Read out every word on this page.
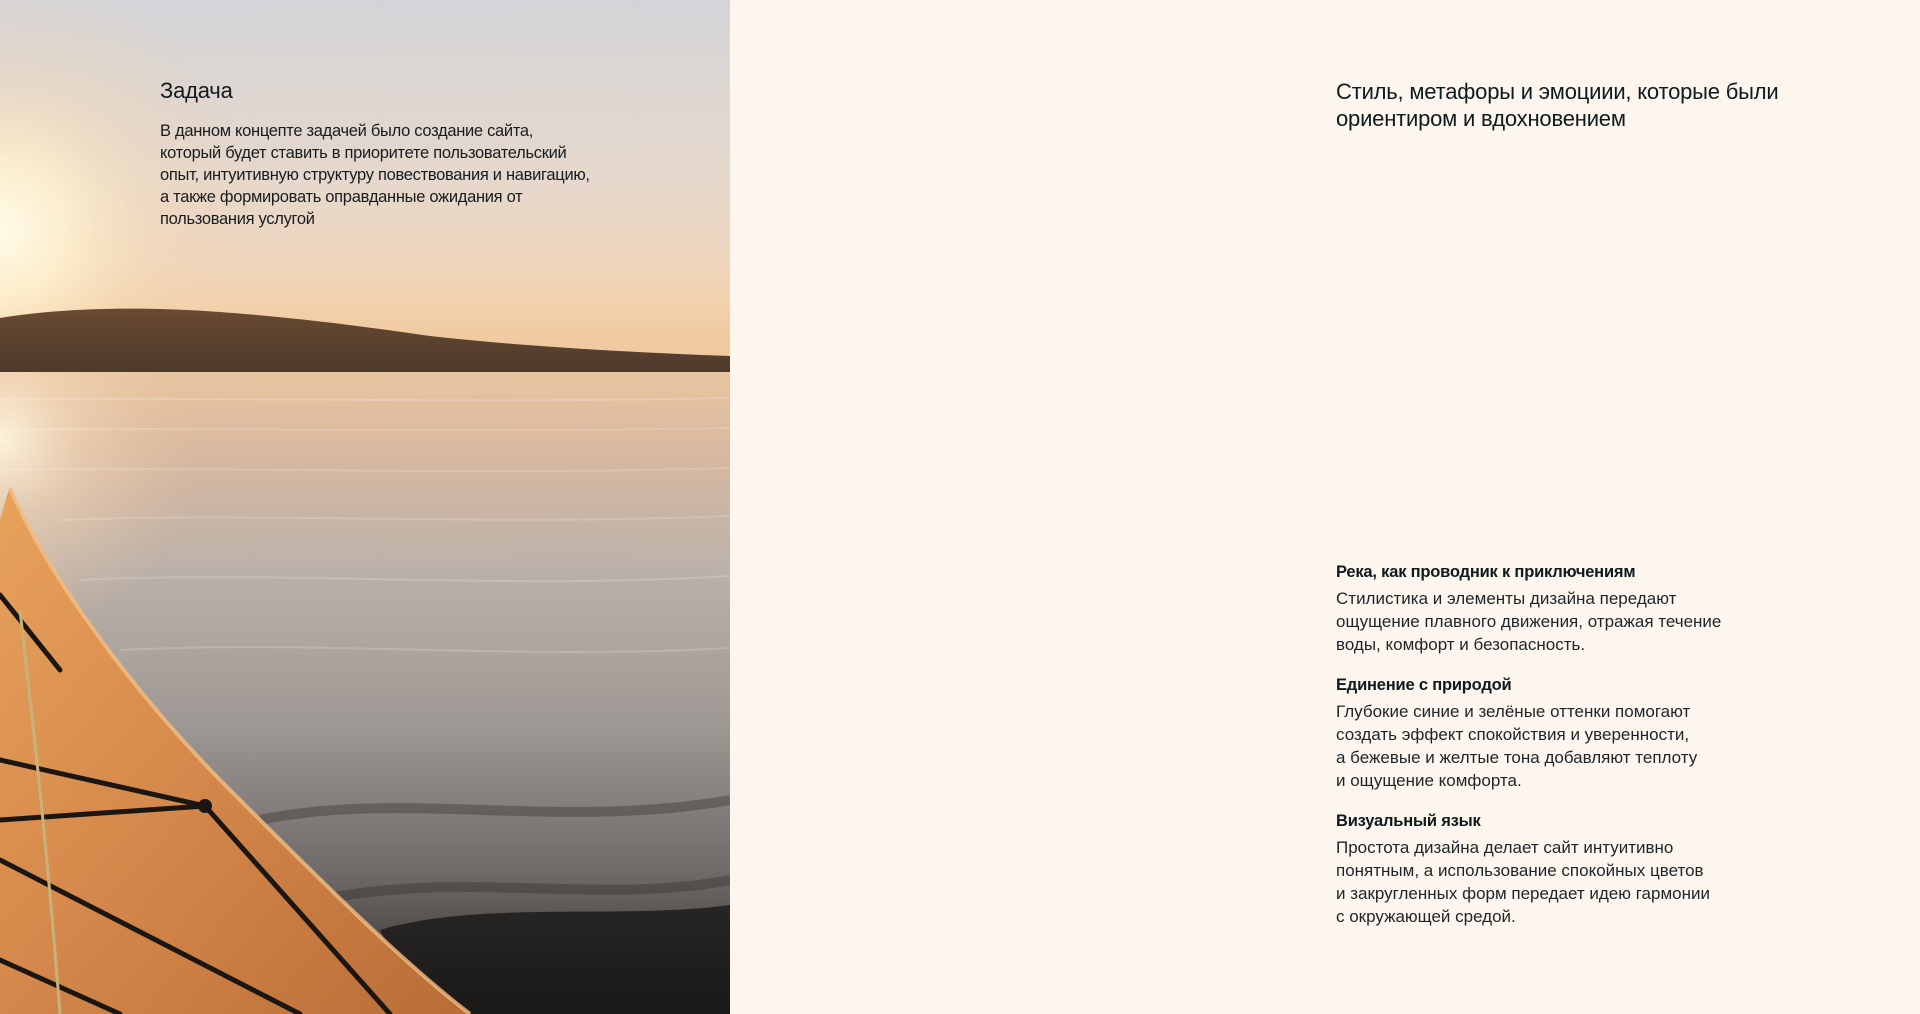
Задача

В данном концепте задачей было создание сайта, который будет ставить в приоритете пользовательский опыт, интуитивную структуру повествования и навигацию, а также формировать оправданные ожидания от пользования услугой

Стиль, метафоры и эмоциии, которые были ориентиром и вдохновением
Река, как проводник к приключениям

Стилистика и элементы дизайна передают
ощущение плавного движения, отражая течение
воды, комфорт и безопасность.

Единение с природой

Глубокие синие и зелёные оттенки помогают
создать эффект спокойствия и уверенности,
а бежевые и желтые тона добавляют теплоту
и ощущение комфорта.

Визуальный язык

Простота дизайна делает сайт интуитивно
понятным, а использование спокойных цветов
и закругленных форм передает идею гармонии
с окружающей средой.
